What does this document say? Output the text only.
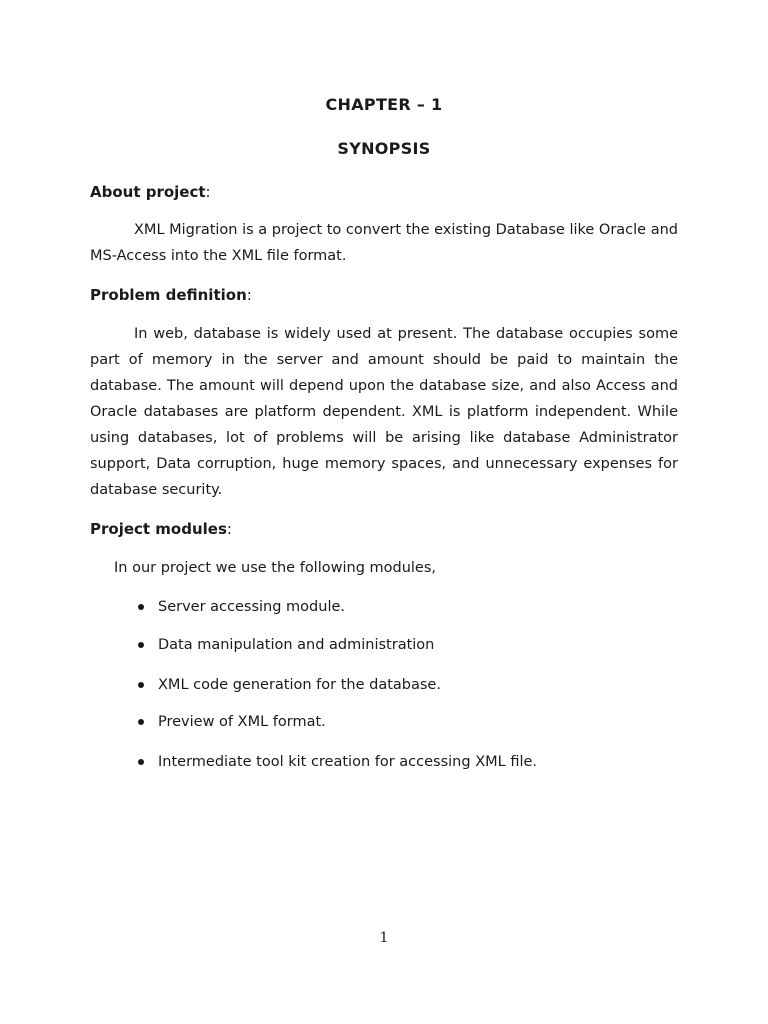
CHAPTER – 1
SYNOPSIS
About project:

XML Migration is a project to convert the existing Database like Oracle and MS-Access into the XML file format.

Problem definition:

In web, database is widely used at present. The database occupies some part of memory in the server and amount should be paid to maintain the database. The amount will depend upon the database size, and also Access and Oracle databases are platform dependent. XML is platform independent. While using databases, lot of problems will be arising like database Administrator support, Data corruption, huge memory spaces, and unnecessary expenses for database security.

Project modules:
In our project we use the following modules,
Server accessing module.
Data manipulation and administration
XML code generation for the database.
Preview of XML format.
Intermediate tool kit creation for accessing XML file.
1
